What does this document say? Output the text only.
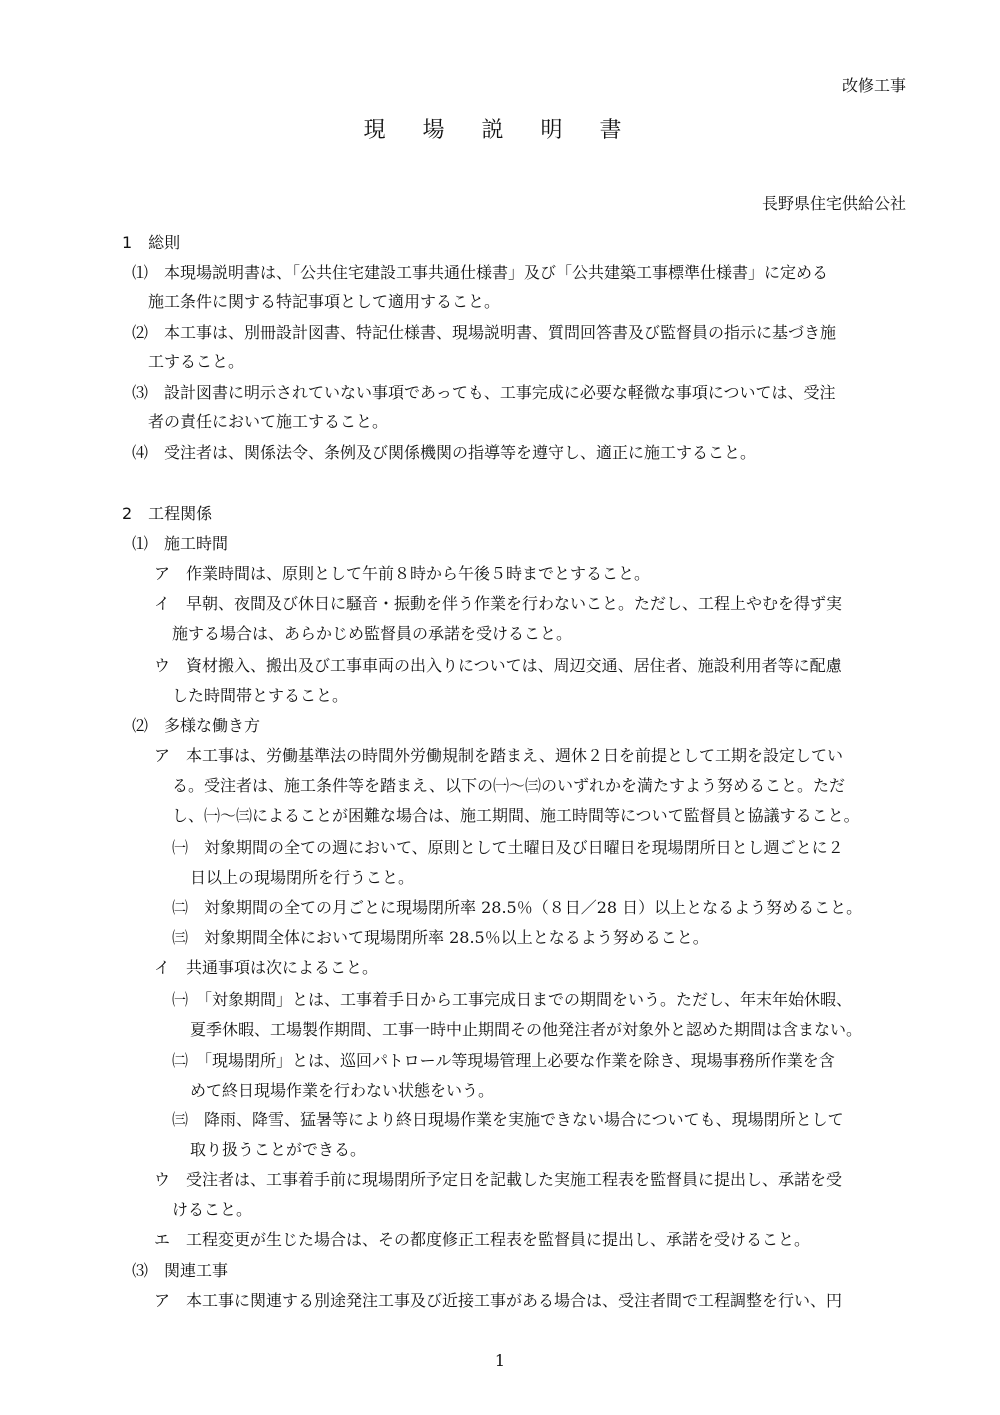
改修工事
現 場 説 明 書
長野県住宅供給公社
1　総則
⑴　本現場説明書は、「公共住宅建設工事共通仕様書」及び「公共建築工事標準仕様書」に定める
施工条件に関する特記事項として適用すること。
⑵　本工事は、別冊設計図書、特記仕様書、現場説明書、質問回答書及び監督員の指示に基づき施
工すること。
⑶　設計図書に明示されていない事項であっても、工事完成に必要な軽微な事項については、受注
者の責任において施工すること。
⑷　受注者は、関係法令、条例及び関係機関の指導等を遵守し、適正に施工すること。
2　工程関係
⑴　施工時間
ア　作業時間は、原則として午前８時から午後５時までとすること。
イ　早朝、夜間及び休日に騒音・振動を伴う作業を行わないこと。ただし、工程上やむを得ず実
施する場合は、あらかじめ監督員の承諾を受けること。
ウ　資材搬入、搬出及び工事車両の出入りについては、周辺交通、居住者、施設利用者等に配慮
した時間帯とすること。
⑵　多様な働き方
ア　本工事は、労働基準法の時間外労働規制を踏まえ、週休２日を前提として工期を設定してい
る。受注者は、施工条件等を踏まえ、以下の㈠～㈢のいずれかを満たすよう努めること。ただ
し、㈠～㈢によることが困難な場合は、施工期間、施工時間等について監督員と協議すること。
㈠　対象期間の全ての週において、原則として土曜日及び日曜日を現場閉所日とし週ごとに２
日以上の現場閉所を行うこと。
㈡　対象期間の全ての月ごとに現場閉所率 28.5％（８日／28 日）以上となるよう努めること。
㈢　対象期間全体において現場閉所率 28.5％以上となるよう努めること。
イ　共通事項は次によること。
㈠　「対象期間」とは、工事着手日から工事完成日までの期間をいう。ただし、年末年始休暇、
夏季休暇、工場製作期間、工事一時中止期間その他発注者が対象外と認めた期間は含まない。
㈡　「現場閉所」とは、巡回パトロール等現場管理上必要な作業を除き、現場事務所作業を含
めて終日現場作業を行わない状態をいう。
㈢　降雨、降雪、猛暑等により終日現場作業を実施できない場合についても、現場閉所として
取り扱うことができる。
ウ　受注者は、工事着手前に現場閉所予定日を記載した実施工程表を監督員に提出し、承諾を受
けること。
エ　工程変更が生じた場合は、その都度修正工程表を監督員に提出し、承諾を受けること。
⑶　関連工事
ア　本工事に関連する別途発注工事及び近接工事がある場合は、受注者間で工程調整を行い、円
1
